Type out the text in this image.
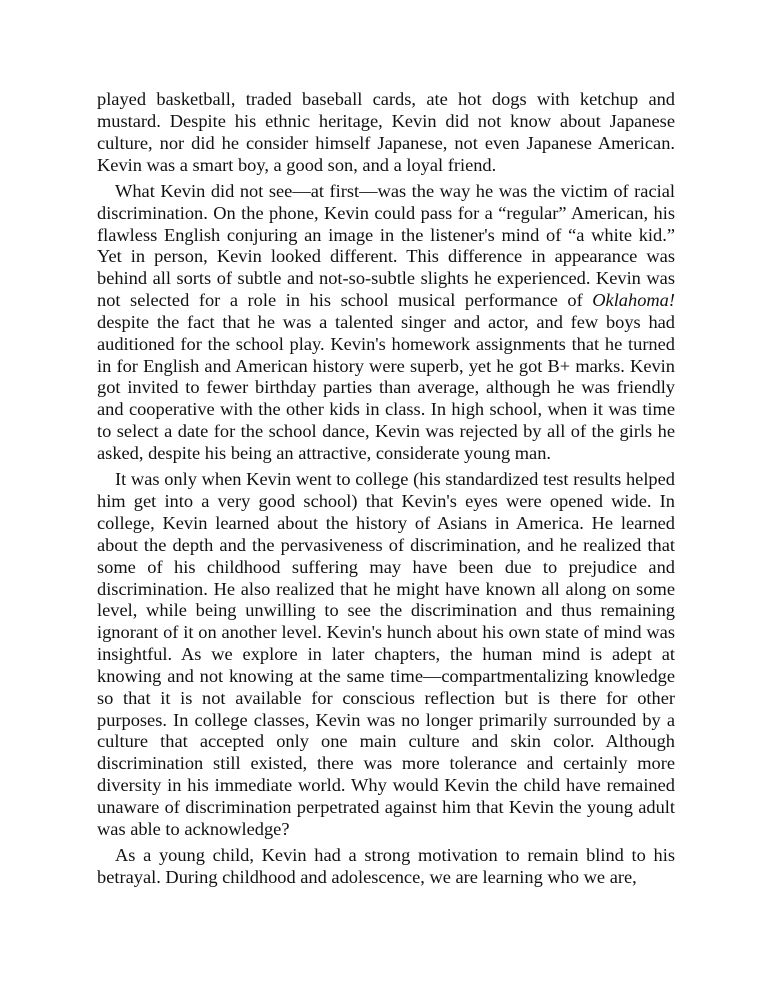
played basketball, traded baseball cards, ate hot dogs with ketchup and mustard. Despite his ethnic heritage, Kevin did not know about Japanese culture, nor did he consider himself Japanese, not even Japanese American. Kevin was a smart boy, a good son, and a loyal friend.

What Kevin did not see—at first—was the way he was the victim of racial discrimination. On the phone, Kevin could pass for a “regular” American, his flawless English conjuring an image in the listener's mind of “a white kid.” Yet in person, Kevin looked different. This difference in appearance was behind all sorts of subtle and not-so-subtle slights he experienced. Kevin was not selected for a role in his school musical performance of Oklahoma! despite the fact that he was a talented singer and actor, and few boys had auditioned for the school play. Kevin's homework assignments that he turned in for English and American history were superb, yet he got B+ marks. Kevin got invited to fewer birthday parties than average, although he was friendly and cooperative with the other kids in class. In high school, when it was time to select a date for the school dance, Kevin was rejected by all of the girls he asked, despite his being an attractive, considerate young man.

It was only when Kevin went to college (his standardized test results helped him get into a very good school) that Kevin's eyes were opened wide. In college, Kevin learned about the history of Asians in America. He learned about the depth and the pervasiveness of discrimination, and he realized that some of his childhood suffering may have been due to prejudice and discrimination. He also realized that he might have known all along on some level, while being unwilling to see the discrimination and thus remaining ignorant of it on another level. Kevin's hunch about his own state of mind was insightful. As we explore in later chapters, the human mind is adept at knowing and not knowing at the same time—compartmentalizing knowledge so that it is not available for conscious reflection but is there for other purposes. In college classes, Kevin was no longer primarily surrounded by a culture that accepted only one main culture and skin color. Although discrimination still existed, there was more tolerance and certainly more diversity in his immediate world. Why would Kevin the child have remained unaware of discrimination perpetrated against him that Kevin the young adult was able to acknowledge?

As a young child, Kevin had a strong motivation to remain blind to his betrayal. During childhood and adolescence, we are learning who we are,
